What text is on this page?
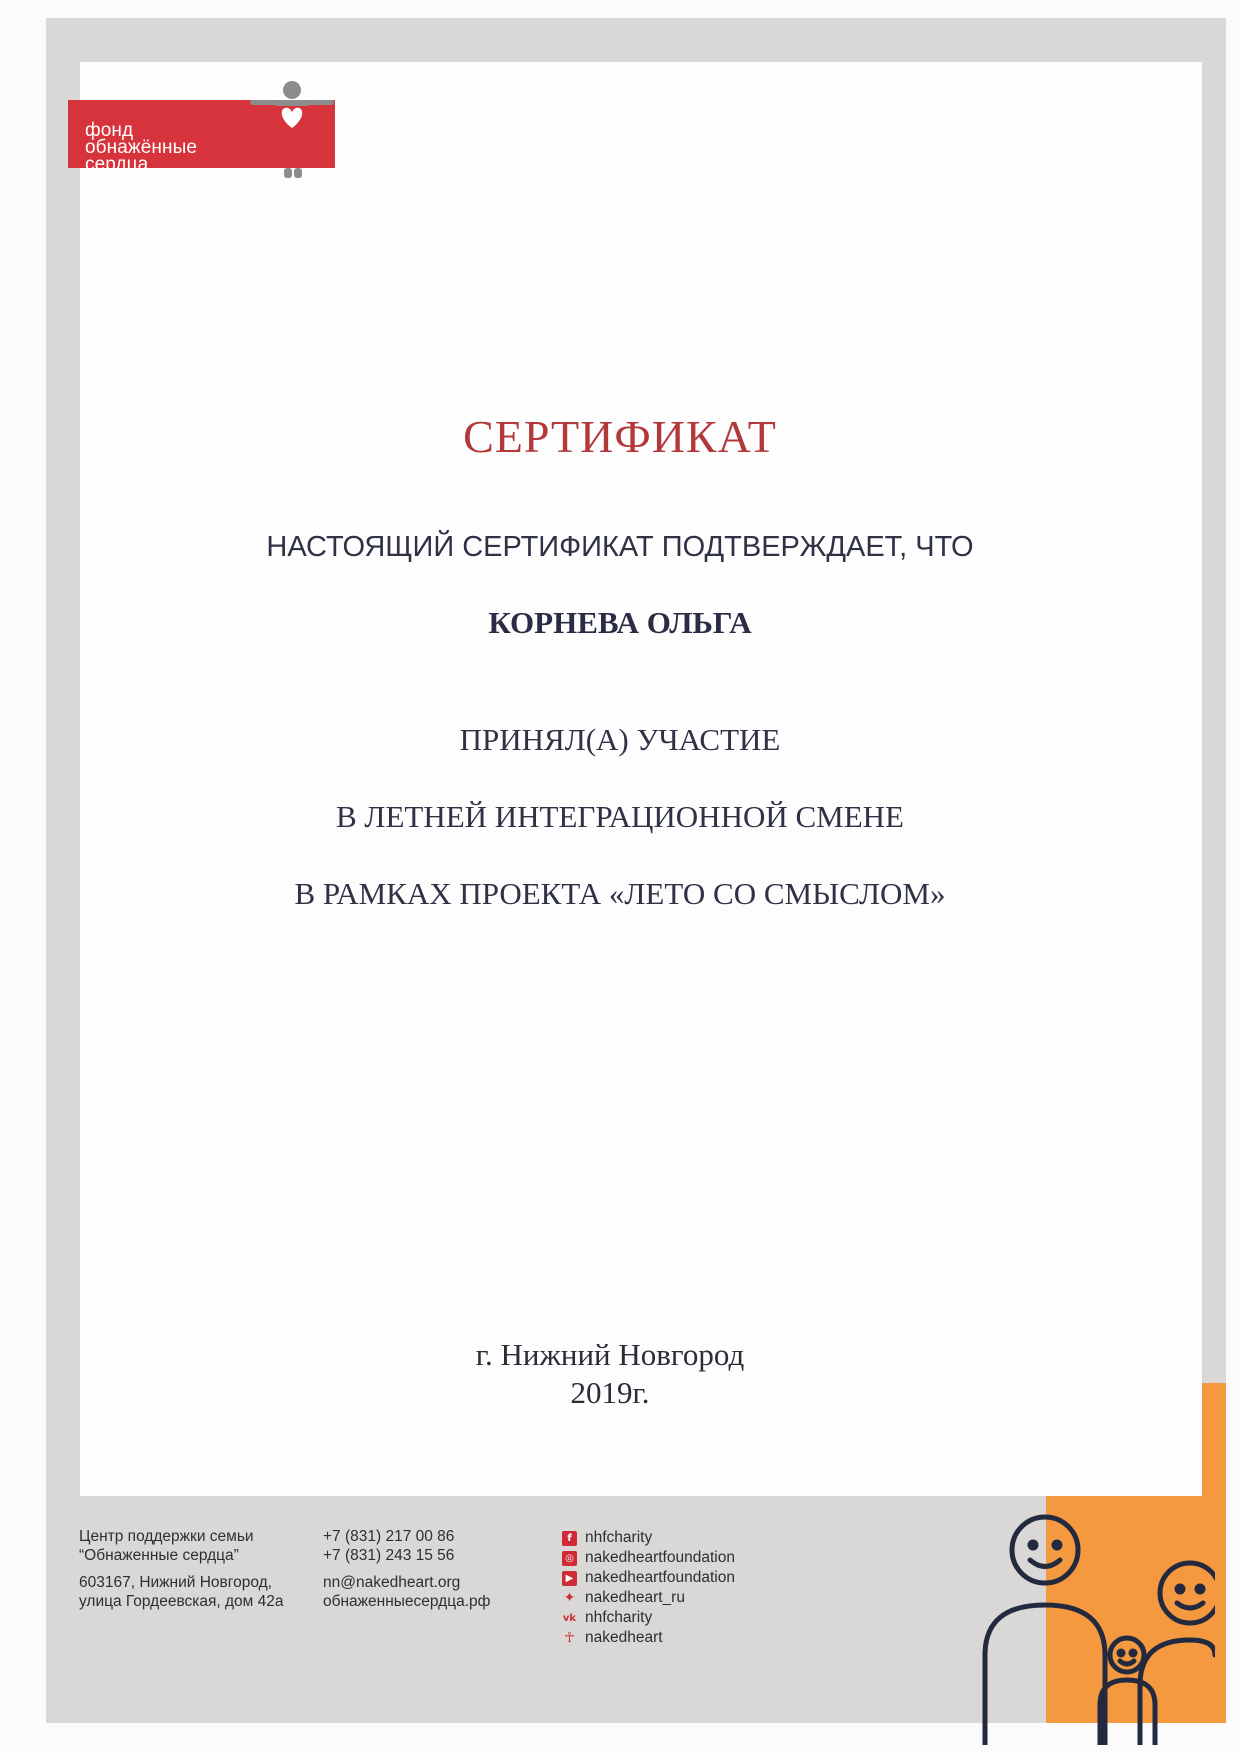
фонд
обнажённые
сердца
СЕРТИФИКАТ
НАСТОЯЩИЙ СЕРТИФИКАТ ПОДТВЕРЖДАЕТ, ЧТО
КОРНЕВА ОЛЬГА
ПРИНЯЛ(А) УЧАСТИЕ
В ЛЕТНЕЙ ИНТЕГРАЦИОННОЙ СМЕНЕ
В РАМКАХ ПРОЕКТА «ЛЕТО СО СМЫСЛОМ»
г. Нижний Новгород
2019г.
Центр поддержки семьи
“Обнаженные сердца”
603167, Нижний Новгород,
улица Гордеевская, дом 42а
+7 (831) 217 00 86
+7 (831) 243 15 56
nn@nakedheart.org
обнаженныесердца.рф
f nhfcharity
◎ nakedheartfoundation
▶ nakedheartfoundation
✦ nakedheart_ru
vk nhfcharity
☥ nakedheart
